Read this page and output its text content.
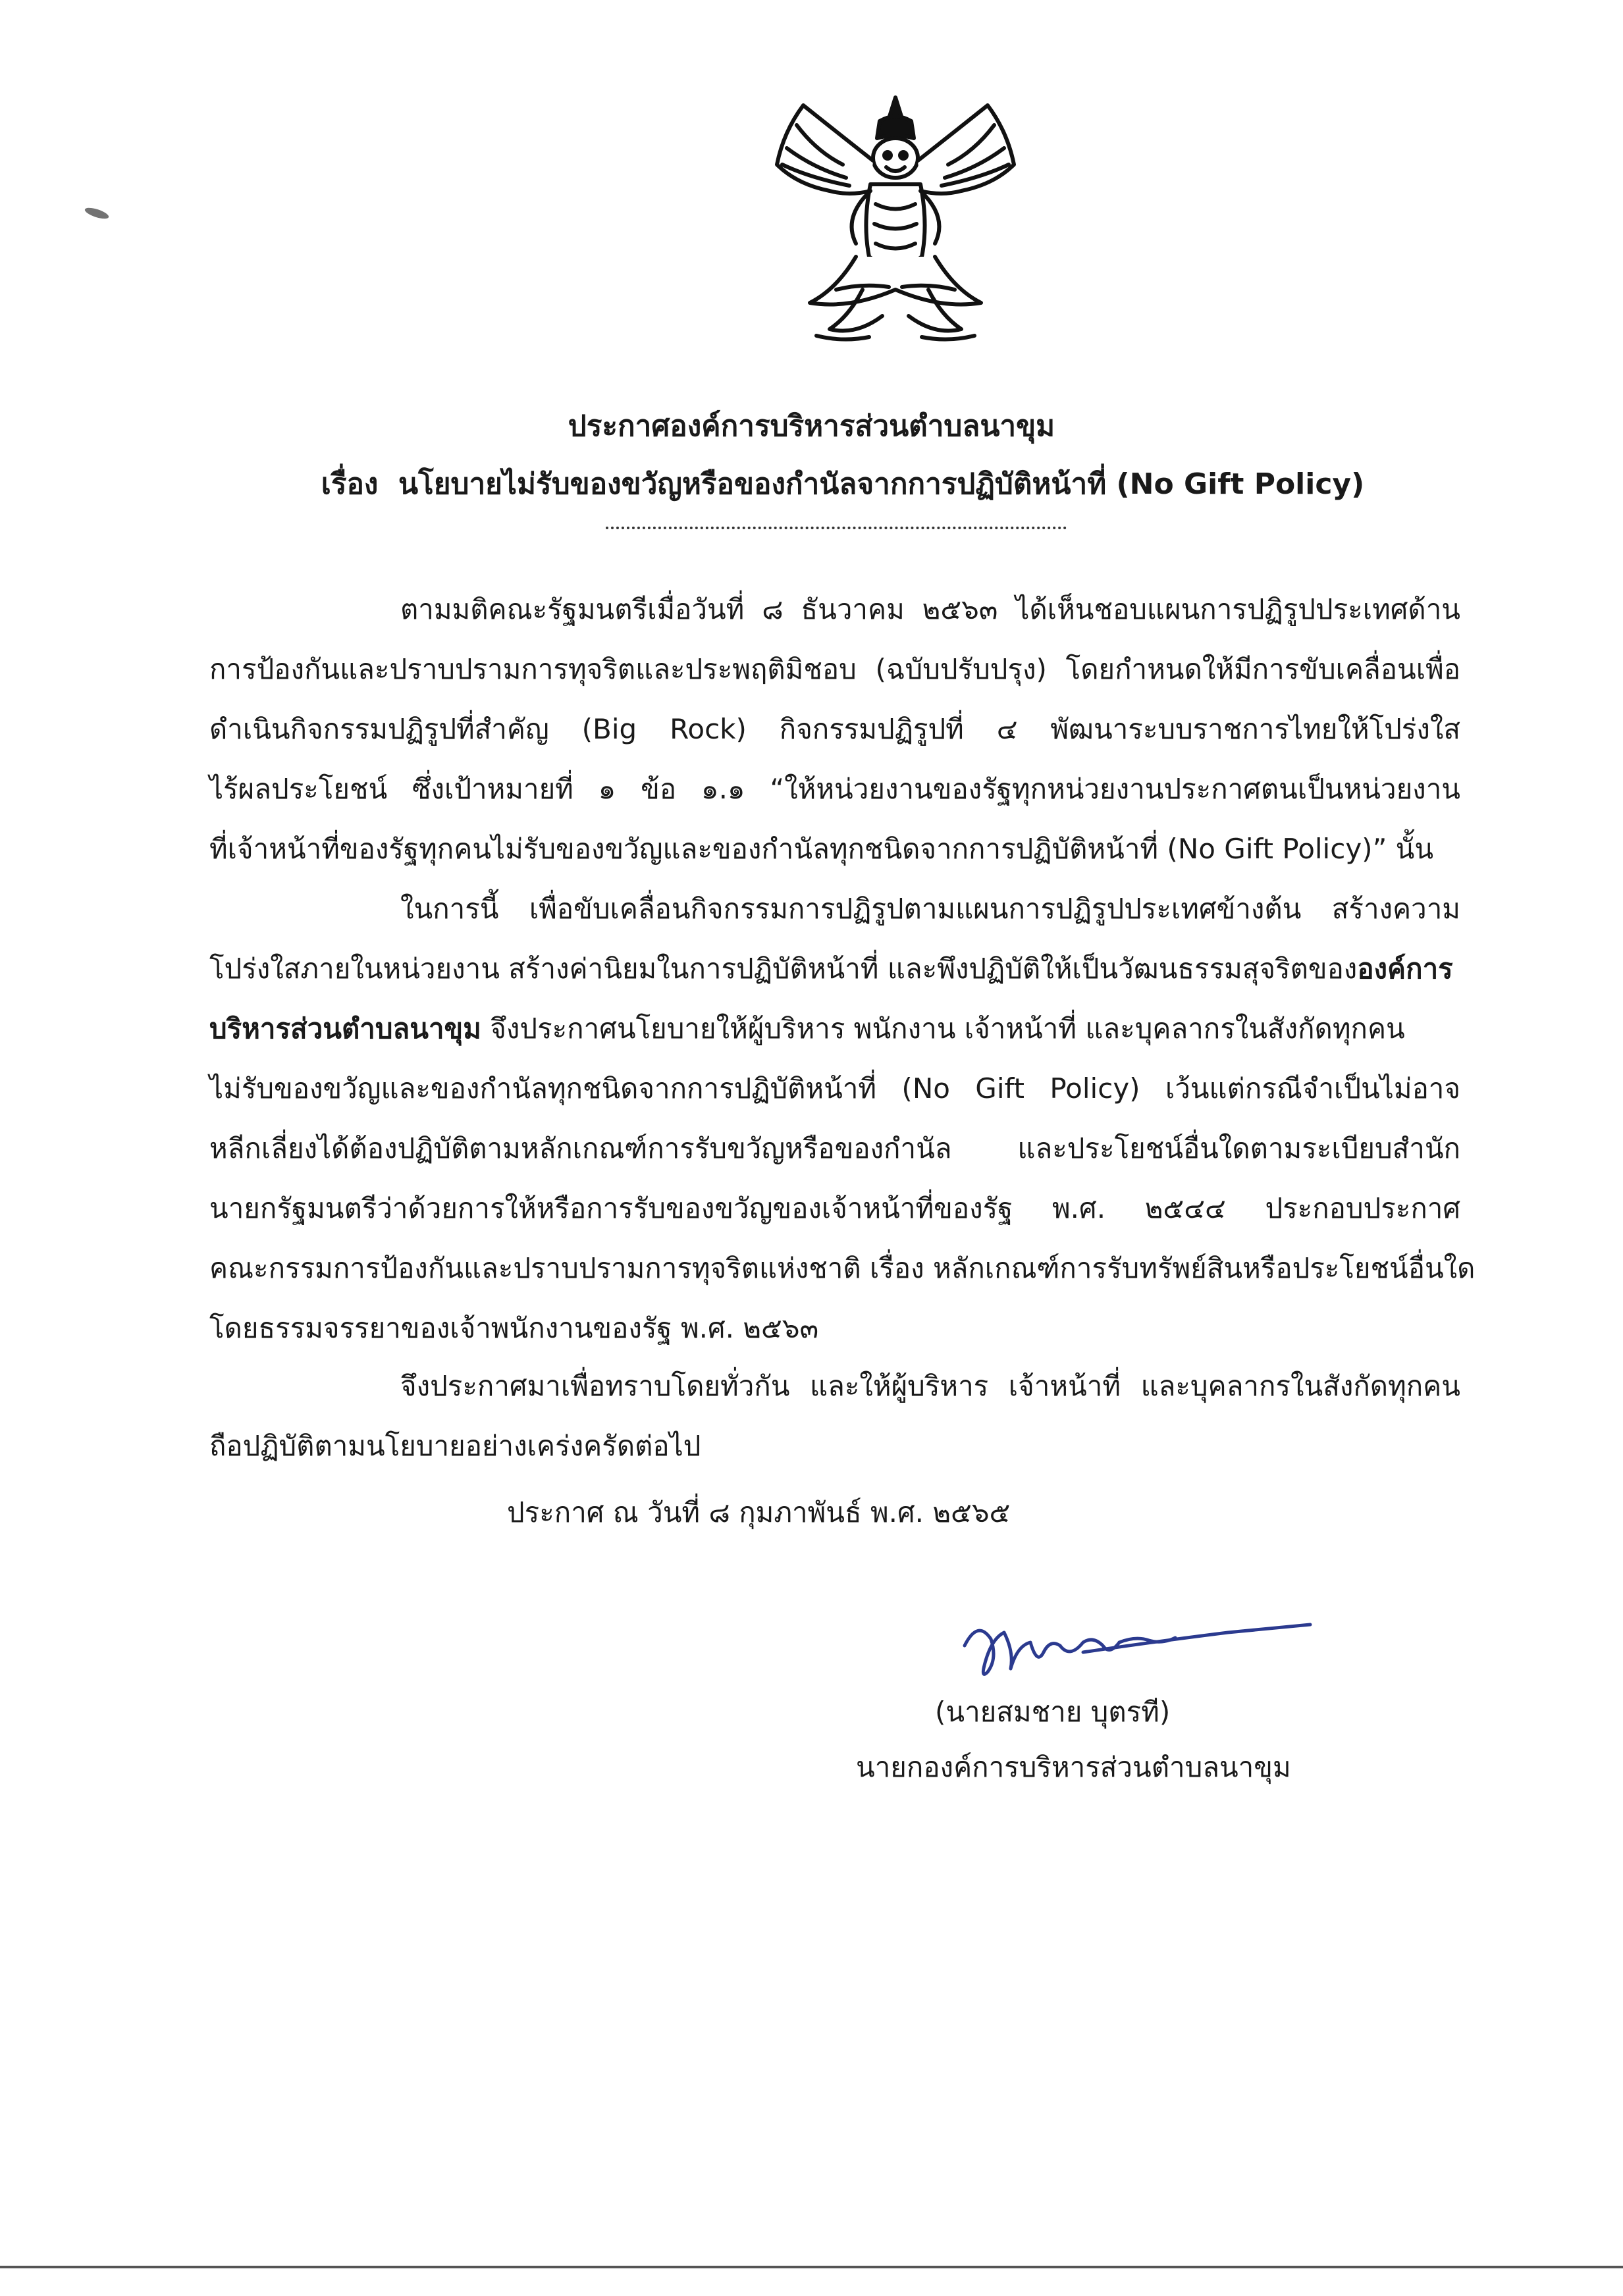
ประกาศองค์การบริหารส่วนตำบลนาขุม
เรื่อง นโยบายไม่รับของขวัญหรือของกำนัลจากการปฏิบัติหน้าที่ (No Gift Policy)
ตามมติคณะรัฐมนตรีเมื่อวันที่ ๘ ธันวาคม ๒๕๖๓ ได้เห็นชอบแผนการปฏิรูปประเทศด้าน
การป้องกันและปราบปรามการทุจริตและประพฤติมิชอบ (ฉบับปรับปรุง) โดยกำหนดให้มีการขับเคลื่อนเพื่อ
ดำเนินกิจกรรมปฏิรูปที่สำคัญ (Big Rock) กิจกรรมปฏิรูปที่ ๔ พัฒนาระบบราชการไทยให้โปร่งใส
ไร้ผลประโยชน์ ซึ่งเป้าหมายที่ ๑ ข้อ ๑.๑ “ให้หน่วยงานของรัฐทุกหน่วยงานประกาศตนเป็นหน่วยงาน
ที่เจ้าหน้าที่ของรัฐทุกคนไม่รับของขวัญและของกำนัลทุกชนิดจากการปฏิบัติหน้าที่ (No Gift Policy)” นั้น
ในการนี้ เพื่อขับเคลื่อนกิจกรรมการปฏิรูปตามแผนการปฏิรูปประเทศข้างต้น สร้างความ
โปร่งใสภายในหน่วยงาน สร้างค่านิยมในการปฏิบัติหน้าที่ และพึงปฏิบัติให้เป็นวัฒนธรรมสุจริตขององค์การ
บริหารส่วนตำบลนาขุม จึงประกาศนโยบายให้ผู้บริหาร พนักงาน เจ้าหน้าที่ และบุคลากรในสังกัดทุกคน
ไม่รับของขวัญและของกำนัลทุกชนิดจากการปฏิบัติหน้าที่ (No Gift Policy) เว้นแต่กรณีจำเป็นไม่อาจ
หลีกเลี่ยงได้ต้องปฏิบัติตามหลักเกณฑ์การรับขวัญหรือของกำนัล และประโยชน์อื่นใดตามระเบียบสำนัก
นายกรัฐมนตรีว่าด้วยการให้หรือการรับของขวัญของเจ้าหน้าที่ของรัฐ พ.ศ. ๒๕๔๔ ประกอบประกาศ
คณะกรรมการป้องกันและปราบปรามการทุจริตแห่งชาติ เรื่อง หลักเกณฑ์การรับทรัพย์สินหรือประโยชน์อื่นใด
โดยธรรมจรรยาของเจ้าพนักงานของรัฐ พ.ศ. ๒๕๖๓
จึงประกาศมาเพื่อทราบโดยทั่วกัน และให้ผู้บริหาร เจ้าหน้าที่ และบุคลากรในสังกัดทุกคน
ถือปฏิบัติตามนโยบายอย่างเคร่งครัดต่อไป
ประกาศ ณ วันที่ ๘ กุมภาพันธ์ พ.ศ. ๒๕๖๕
(นายสมชาย บุตรที)
นายกองค์การบริหารส่วนตำบลนาขุม
